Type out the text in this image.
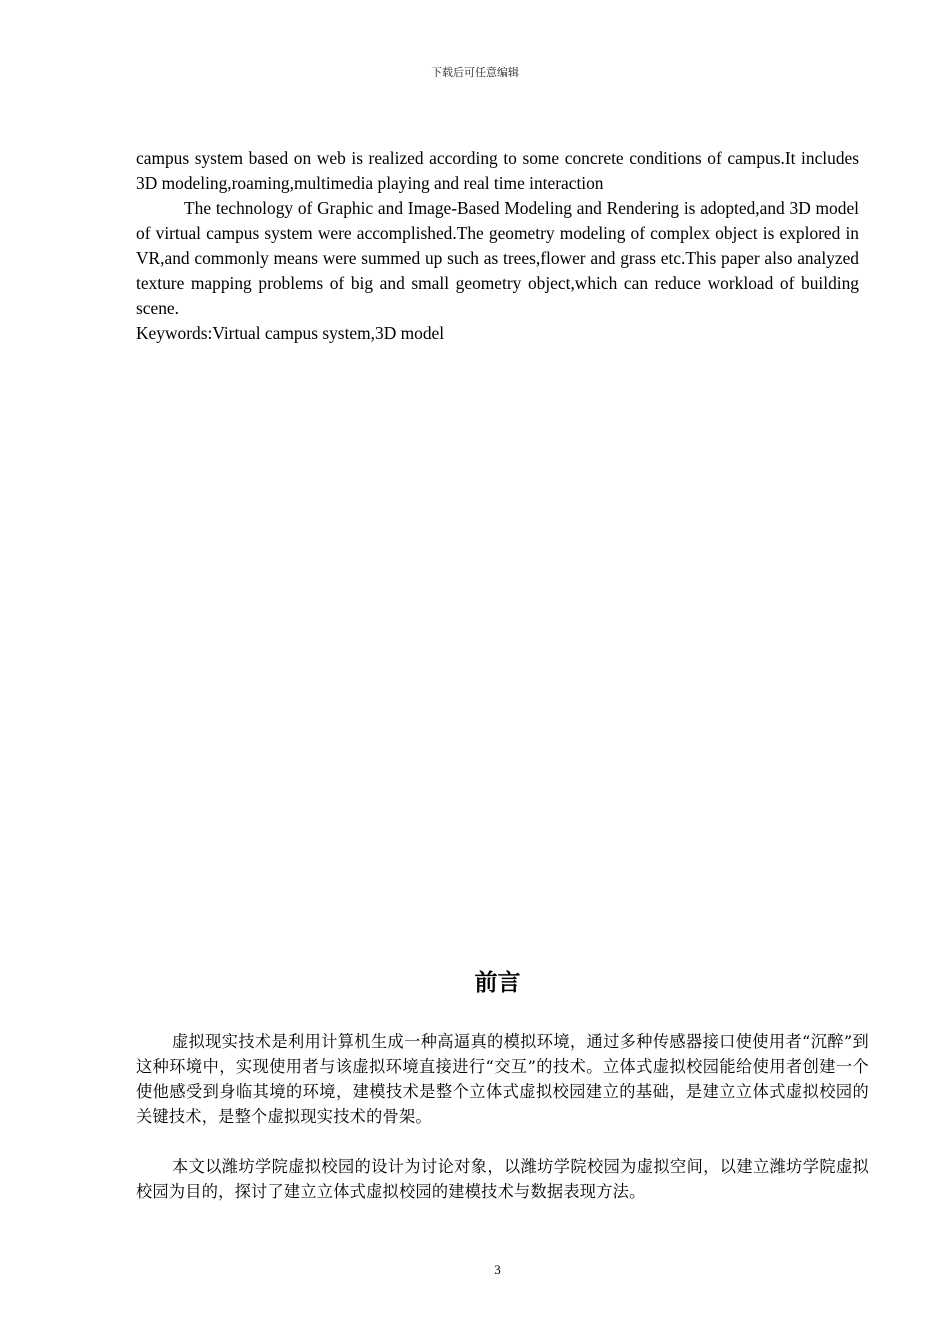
下载后可任意编辑

campus system based on web is realized according to some concrete conditions of campus.It includes 3D modeling,roaming,multimedia playing and real time interaction

The technology of Graphic and Image-Based Modeling and Rendering is adopted,and 3D model of virtual campus system were accomplished.The geometry modeling of complex object is explored in VR,and commonly means were summed up such as trees,flower and grass etc.This paper also analyzed texture mapping problems of big and small geometry object,which can reduce workload of building scene.

Keywords:Virtual campus system,3D model

前言

虚拟现实技术是利用计算机生成一种高逼真的模拟环境，通过多种传感器接口使使用者“沉醉”到这种环境中，实现使用者与该虚拟环境直接进行“交互”的技术。立体式虚拟校园能给使用者创建一个使他感受到身临其境的环境，建模技术是整个立体式虚拟校园建立的基础，是建立立体式虚拟校园的关键技术，是整个虚拟现实技术的骨架。

本文以潍坊学院虚拟校园的设计为讨论对象，以潍坊学院校园为虚拟空间，以建立潍坊学院虚拟校园为目的，探讨了建立立体式虚拟校园的建模技术与数据表现方法。

3
